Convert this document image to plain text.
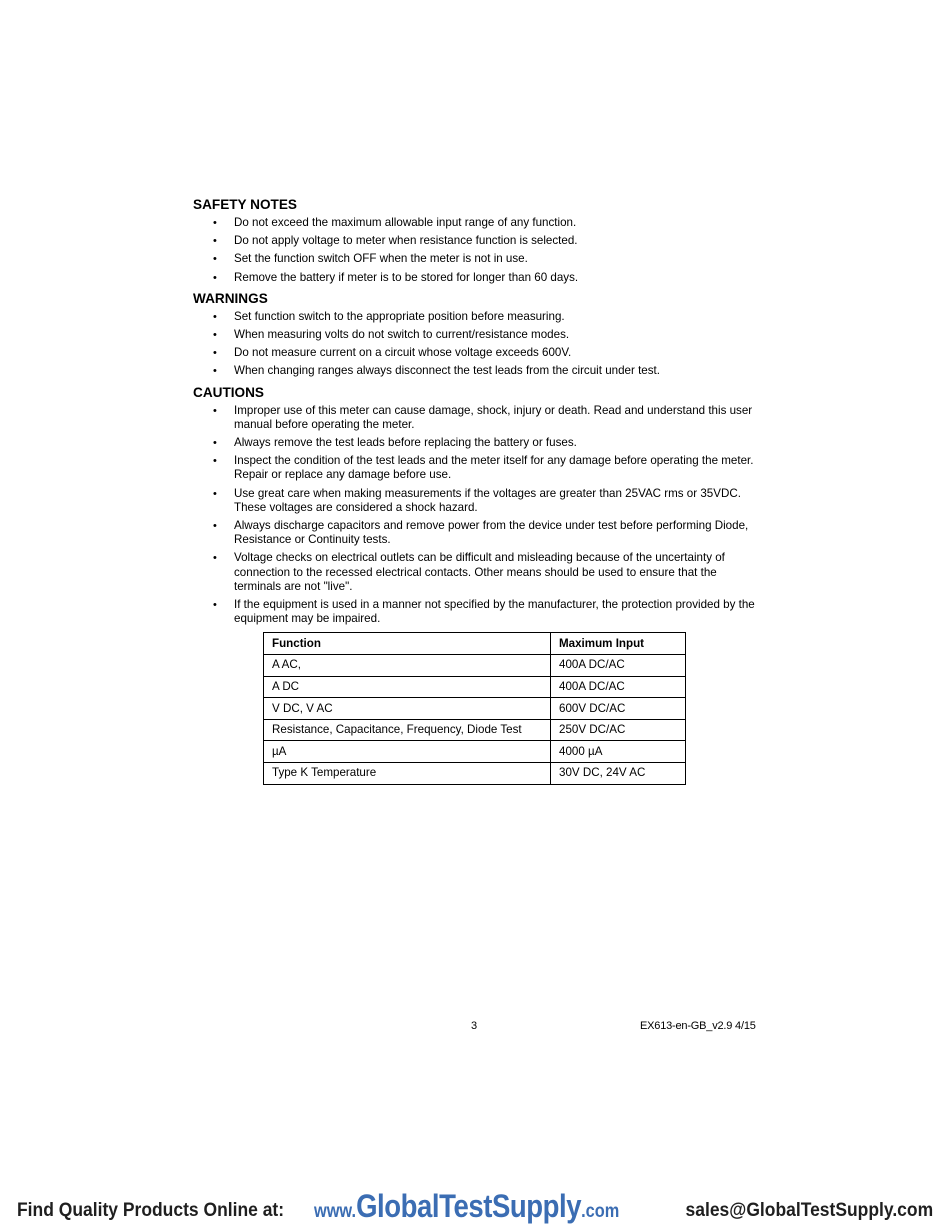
SAFETY NOTES
• Do not exceed the maximum allowable input range of any function.
• Do not apply voltage to meter when resistance function is selected.
• Set the function switch OFF when the meter is not in use.
• Remove the battery if meter is to be stored for longer than 60 days.
WARNINGS
• Set function switch to the appropriate position before measuring.
• When measuring volts do not switch to current/resistance modes.
• Do not measure current on a circuit whose voltage exceeds 600V.
• When changing ranges always disconnect the test leads from the circuit under test.
CAUTIONS
• Improper use of this meter can cause damage, shock, injury or death. Read and understand this user manual before operating the meter.
• Always remove the test leads before replacing the battery or fuses.
• Inspect the condition of the test leads and the meter itself for any damage before operating the meter. Repair or replace any damage before use.
• Use great care when making measurements if the voltages are greater than 25VAC rms or 35VDC. These voltages are considered a shock hazard.
• Always discharge capacitors and remove power from the device under test before performing Diode, Resistance or Continuity tests.
• Voltage checks on electrical outlets can be difficult and misleading because of the uncertainty of connection to the recessed electrical contacts. Other means should be used to ensure that the terminals are not "live".
• If the equipment is used in a manner not specified by the manufacturer, the protection provided by the equipment may be impaired.
Function	Maximum Input
A AC,	400A DC/AC
A DC	400A DC/AC
V DC, V AC	600V DC/AC
Resistance, Capacitance, Frequency, Diode Test	250V DC/AC
µA	4000 µA
Type K Temperature	30V DC, 24V AC
3	EX613-en-GB_v2.9 4/15
Find Quality Products Online at: www.GlobalTestSupply.com	sales@GlobalTestSupply.com
